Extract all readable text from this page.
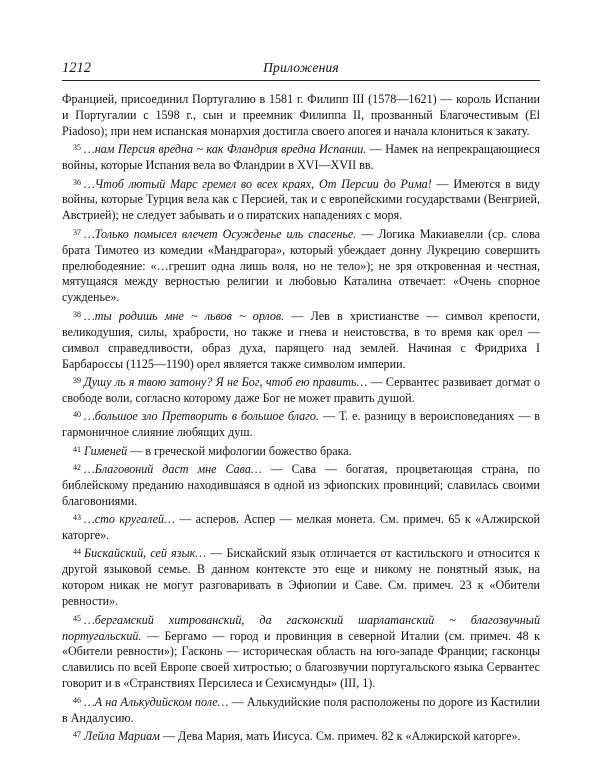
1212	Приложения

Францией, присоединил Португалию в 1581 г. Филипп III (1578—1621) — король Испании и Португалии с 1598 г., сын и преемник Филиппа II, прозванный Благочестивым (El Piadoso); при нем испанская монархия достигла своего апогея и начала клониться к закату.

$^{35}$ …нам Персия вредна ~ как Фландрия вредна Испании. — Намек на непрекращающиеся войны, которые Испания вела во Фландрии в XVI—XVII вв.

$^{36}$ …Чтоб лютый Марс гремел во всех краях, От Персии до Рима! — Имеются в виду войны, которые Турция вела как с Персией, так и с европейскими государствами (Венгрией, Австрией); не следует забывать и о пиратских нападениях с моря.

$^{37}$ …Только помысел влечет Осужденье иль спасенье. — Логика Макиавелли (ср. слова брата Тимотео из комедии «Мандрагора», который убеждает донну Лукрецию совершить прелюбодеяние: «…грешит одна лишь воля, но не тело»); не зря откровенная и честная, мятущаяся между верностью религии и любовью Каталина отвечает: «Очень спорное сужденье».

$^{38}$ …ты родишь мне ~ львов ~ орлов. — Лев в христианстве — символ крепости, великодушия, силы, храбрости, но также и гнева и неистовства, в то время как орел — символ справедливости, образ духа, парящего над землей. Начиная с Фридриха I Барбароссы (1125—1190) орел является также символом империи.

$^{39}$ Душу ль я твою затону? Я не Бог, чтоб ею править… — Сервантес развивает догмат о свободе воли, согласно которому даже Бог не может править душой.

$^{40}$ …большое зло Претворить в большое благо. — Т. е. разницу в вероисповеданиях — в гармоничное слияние любящих душ.

$^{41}$ Гименей — в греческой мифологии божество брака.

$^{42}$ …Благовоний даст мне Сава… — Сава — богатая, процветающая страна, по библейскому преданию находившаяся в одной из эфиопских провинций; славилась своими благовониями.

$^{43}$ …сто кругалей… — асперов. Аспер — мелкая монета. См. примеч. 65 к «Алжирской каторге».

$^{44}$ Бискайский, сей язык… — Бискайский язык отличается от кастильского и относится к другой языковой семье. В данном контексте это еще и никому не понятный язык, на котором никак не могут разговаривать в Эфиопии и Саве. См. примеч. 23 к «Обители ревности».

$^{45}$ …бергамский хитрованский, да гасконский шарлатанский ~ благозвучный португальский. — Бергамо — город и провинция в северной Италии (см. примеч. 48 к «Обители ревности»); Гасконь — историческая область на юго-западе Франции; гасконцы славились по всей Европе своей хитростью; о благозвучии португальского языка Сервантес говорит и в «Странствиях Персилеса и Сехисмунды» (III, 1).

$^{46}$ …А на Алькудийском поле… — Алькудийские поля расположены по дороге из Кастилии в Андалусию.

$^{47}$ Лейла Мариам — Дева Мария, мать Иисуса. См. примеч. 82 к «Алжирской каторге».
